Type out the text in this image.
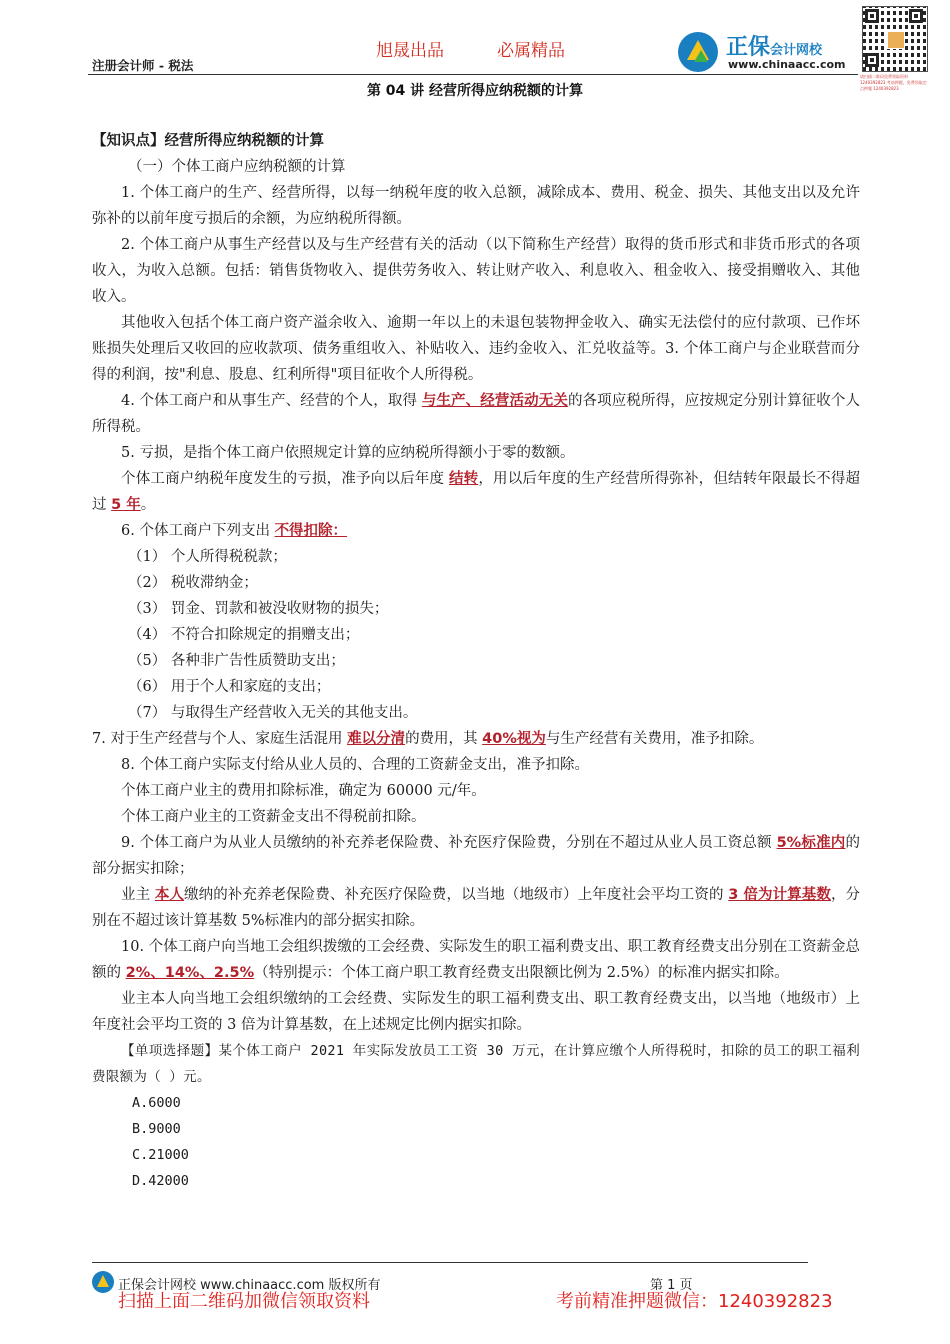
旭晟出品	必属精品
注册会计师 - 税法
正保会计网校
www.chinaacc.com
请扫描二维码免费领取资料 1240392823 考前押题，免费领取定点押题 1240392823
第 04 讲 经营所得应纳税额的计算

【知识点】经营所得应纳税额的计算

（一）个体工商户应纳税额的计算

1. 个体工商户的生产、经营所得，以每一纳税年度的收入总额，减除成本、费用、税金、损失、其他支出以及允许弥补的以前年度亏损后的余额，为应纳税所得额。

2. 个体工商户从事生产经营以及与生产经营有关的活动（以下简称生产经营）取得的货币形式和非货币形式的各项收入，为收入总额。包括：销售货物收入、提供劳务收入、转让财产收入、利息收入、租金收入、接受捐赠收入、其他收入。

其他收入包括个体工商户资产溢余收入、逾期一年以上的未退包装物押金收入、确实无法偿付的应付款项、已作坏账损失处理后又收回的应收款项、债务重组收入、补贴收入、违约金收入、汇兑收益等。3. 个体工商户与企业联营而分得的利润，按"利息、股息、红利所得"项目征收个人所得税。

4. 个体工商户和从事生产、经营的个人，取得 与生产、经营活动无关的各项应税所得，应按规定分别计算征收个人所得税。

5. 亏损，是指个体工商户依照规定计算的应纳税所得额小于零的数额。

个体工商户纳税年度发生的亏损，准予向以后年度 结转，用以后年度的生产经营所得弥补，但结转年限最长不得超过 5 年。

6. 个体工商户下列支出 不得扣除：

（1） 个人所得税税款；

（2） 税收滞纳金；

（3） 罚金、罚款和被没收财物的损失；

（4） 不符合扣除规定的捐赠支出；

（5） 各种非广告性质赞助支出；

（6） 用于个人和家庭的支出；

（7） 与取得生产经营收入无关的其他支出。

7. 对于生产经营与个人、家庭生活混用 难以分清的费用，其 40%视为与生产经营有关费用，准予扣除。

8. 个体工商户实际支付给从业人员的、合理的工资薪金支出，准予扣除。

个体工商户业主的费用扣除标准，确定为 60000 元/年。

个体工商户业主的工资薪金支出不得税前扣除。

9. 个体工商户为从业人员缴纳的补充养老保险费、补充医疗保险费，分别在不超过从业人员工资总额 5%标准内的部分据实扣除；

业主 本人缴纳的补充养老保险费、补充医疗保险费，以当地（地级市）上年度社会平均工资的 3 倍为计算基数，分别在不超过该计算基数 5%标准内的部分据实扣除。

10. 个体工商户向当地工会组织拨缴的工会经费、实际发生的职工福利费支出、职工教育经费支出分别在工资薪金总额的 2%、14%、2.5%（特别提示：个体工商户职工教育经费支出限额比例为 2.5%）的标准内据实扣除。

业主本人向当地工会组织缴纳的工会经费、实际发生的职工福利费支出、职工教育经费支出，以当地（地级市）上年度社会平均工资的 3 倍为计算基数，在上述规定比例内据实扣除。

【单项选择题】某个体工商户 2021 年实际发放员工工资 30 万元，在计算应缴个人所得税时，扣除的员工的职工福利费限额为（ ）元。

A.6000

B.9000

C.21000

D.42000

正保会计网校 www.chinaacc.com 版权所有	第 1 页
扫描上面二维码加微信领取资料	考前精准押题微信：1240392823
